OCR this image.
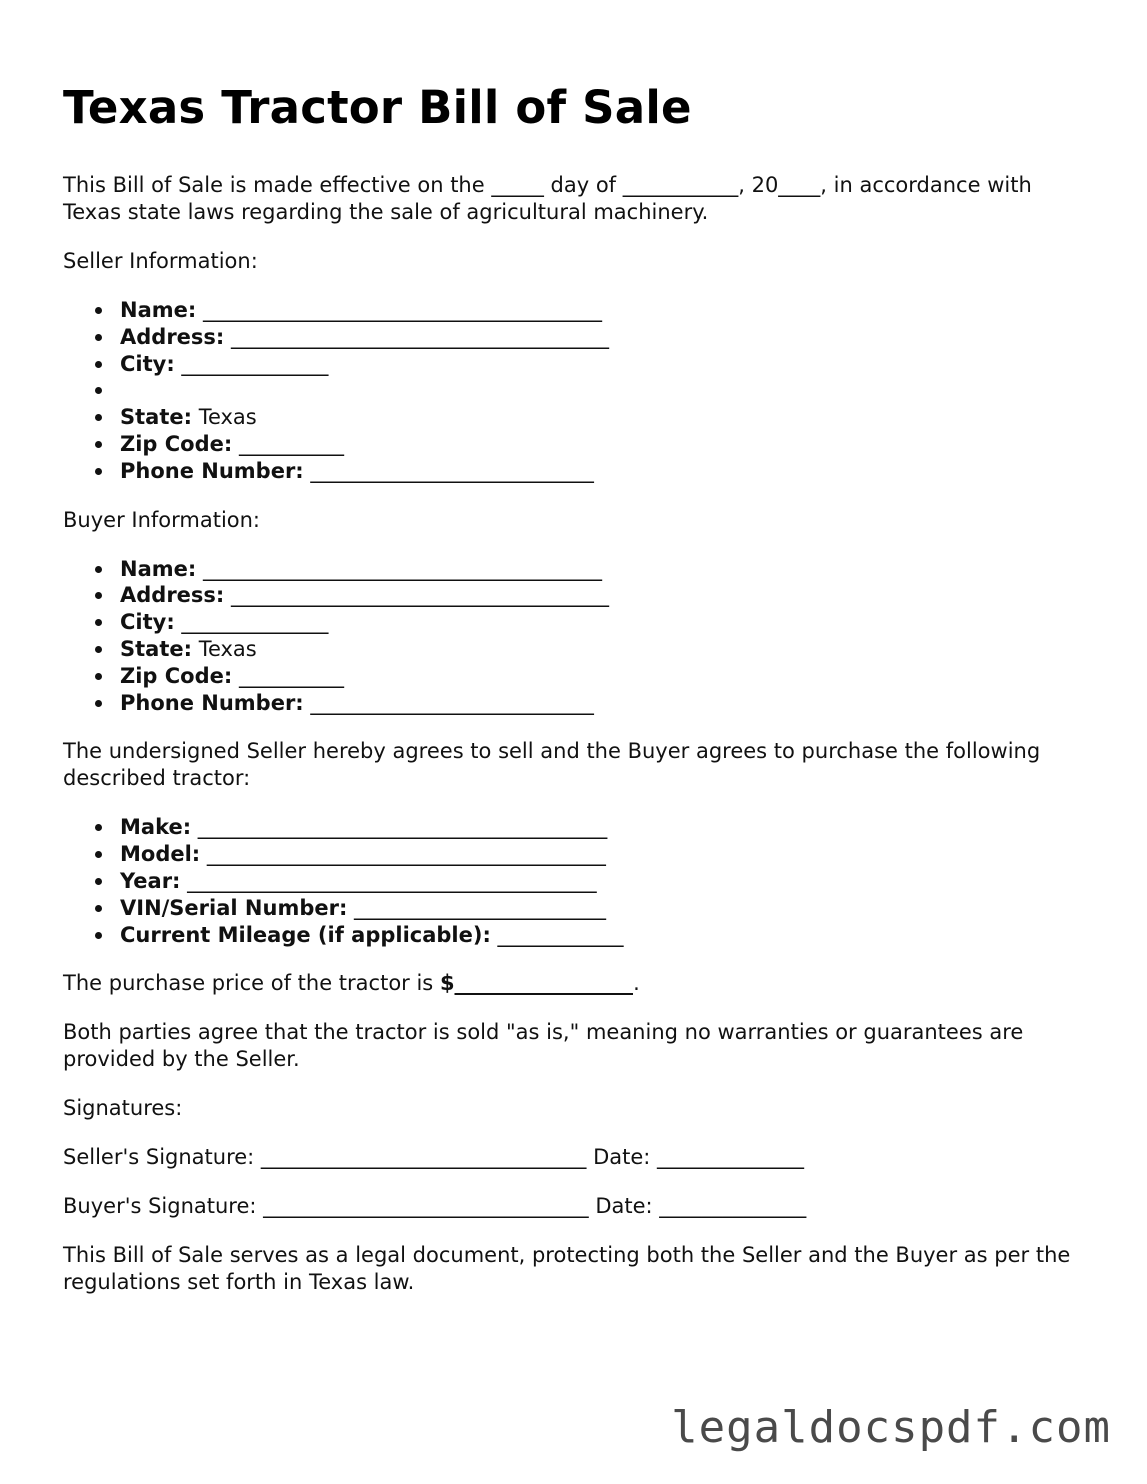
Texas Tractor Bill of Sale

This Bill of Sale is made effective on the _____ day of ___________, 20____, in accordance with Texas state laws regarding the sale of agricultural machinery.

Seller Information:

Name: ______________________________________
Address: ____________________________________
City: ______________
State: Texas
Zip Code: __________
Phone Number: ___________________________

Buyer Information:

Name: ______________________________________
Address: ____________________________________
City: ______________
State: Texas
Zip Code: __________
Phone Number: ___________________________

The undersigned Seller hereby agrees to sell and the Buyer agrees to purchase the following described tractor:

Make: _______________________________________
Model: ______________________________________
Year: _______________________________________
VIN/Serial Number: ________________________
Current Mileage (if applicable): ____________

The purchase price of the tractor is $_________________.

Both parties agree that the tractor is sold "as is," meaning no warranties or guarantees are provided by the Seller.

Signatures:

Seller's Signature: _______________________________ Date: ______________

Buyer's Signature: _______________________________ Date: ______________

This Bill of Sale serves as a legal document, protecting both the Seller and the Buyer as per the regulations set forth in Texas law.

legaldocspdf.com
